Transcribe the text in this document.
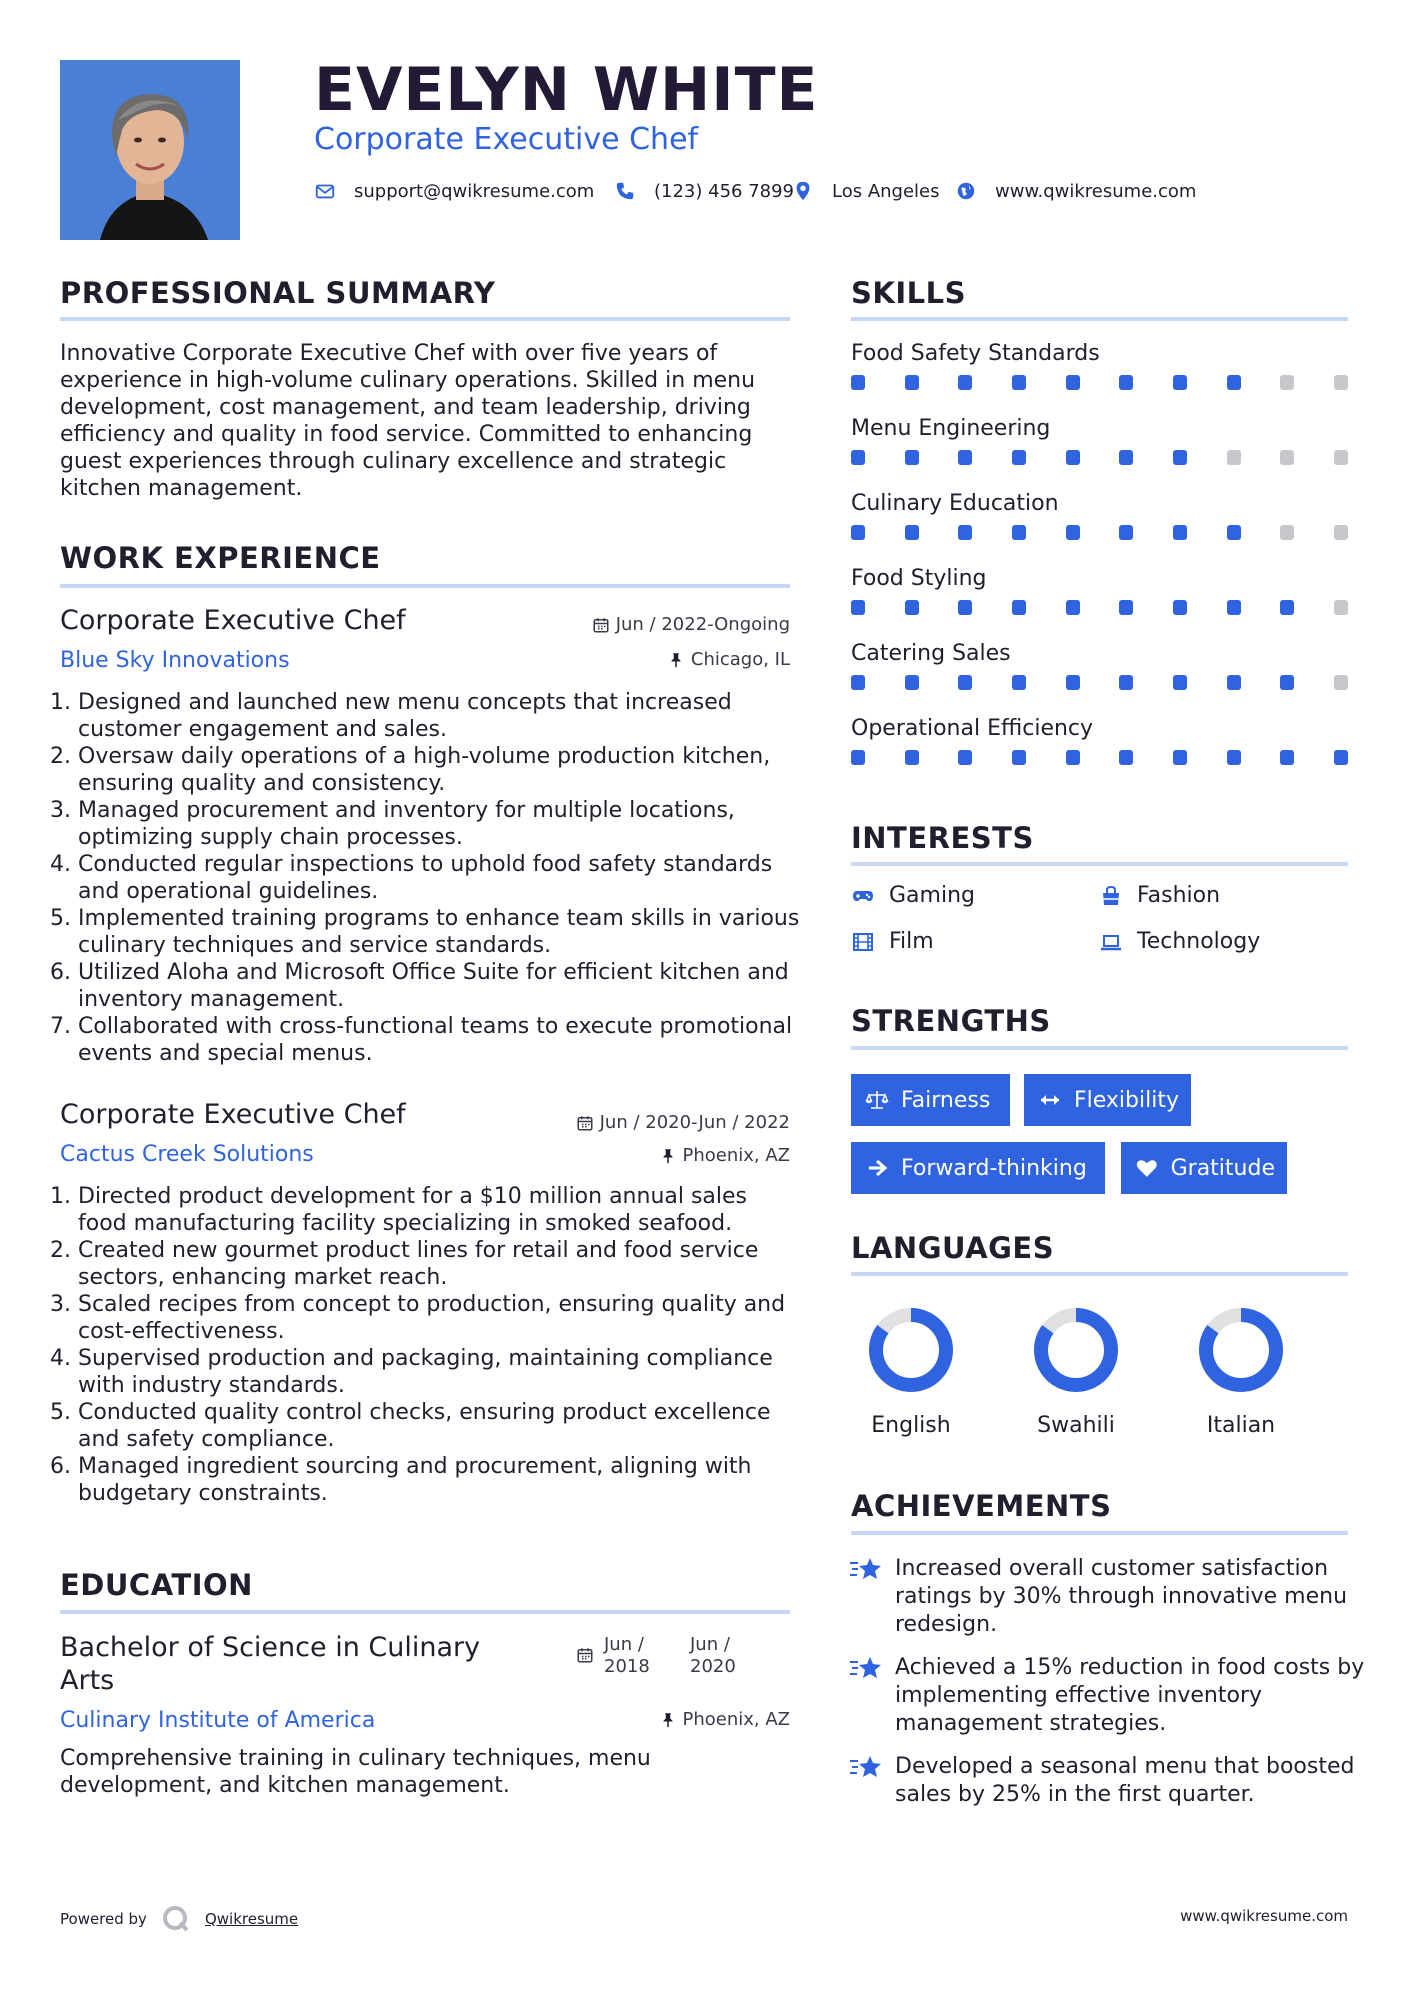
EVELYN WHITE
Corporate Executive Chef
support@qwikresume.com	(123) 456 7899 Los Angeles	www.qwikresume.com
PROFESSIONAL SUMMARY
Innovative Corporate Executive Chef with over five years of experience in high-volume culinary operations. Skilled in menu development, cost management, and team leadership, driving efficiency and quality in food service. Committed to enhancing guest experiences through culinary excellence and strategic kitchen management.
WORK EXPERIENCE
Corporate Executive Chef	Jun / 2022-Ongoing
Blue Sky Innovations	Chicago, IL
1. Designed and launched new menu concepts that increased customer engagement and sales.
2. Oversaw daily operations of a high-volume production kitchen, ensuring quality and consistency.
3. Managed procurement and inventory for multiple locations, optimizing supply chain processes.
4. Conducted regular inspections to uphold food safety standards and operational guidelines.
5. Implemented training programs to enhance team skills in various culinary techniques and service standards.
6. Utilized Aloha and Microsoft Office Suite for efficient kitchen and inventory management.
7. Collaborated with cross-functional teams to execute promotional events and special menus.
Corporate Executive Chef	Jun / 2020-Jun / 2022
Cactus Creek Solutions	Phoenix, AZ
1. Directed product development for a $10 million annual sales food manufacturing facility specializing in smoked seafood.
2. Created new gourmet product lines for retail and food service sectors, enhancing market reach.
3. Scaled recipes from concept to production, ensuring quality and cost-effectiveness.
4. Supervised production and packaging, maintaining compliance with industry standards.
5. Conducted quality control checks, ensuring product excellence and safety compliance.
6. Managed ingredient sourcing and procurement, aligning with budgetary constraints.
EDUCATION
Bachelor of Science in Culinary Arts
Jun / 2018
Jun / 2020
Culinary Institute of America	Phoenix, AZ
Comprehensive training in culinary techniques, menu development, and kitchen management.
SKILLS
Food Safety Standards
Menu Engineering
Culinary Education
Food Styling
Catering Sales
Operational Efficiency
INTERESTS
Gaming	Fashion
Film	Technology
STRENGTHS
Fairness	Flexibility
Forward-thinking	Gratitude
LANGUAGES
English	Swahili	Italian
ACHIEVEMENTS
Increased overall customer satisfaction ratings by 30% through innovative menu redesign.
Achieved a 15% reduction in food costs by implementing effective inventory management strategies.
Developed a seasonal menu that boosted sales by 25% in the first quarter.
Powered by	Qwikresume	www.qwikresume.com
